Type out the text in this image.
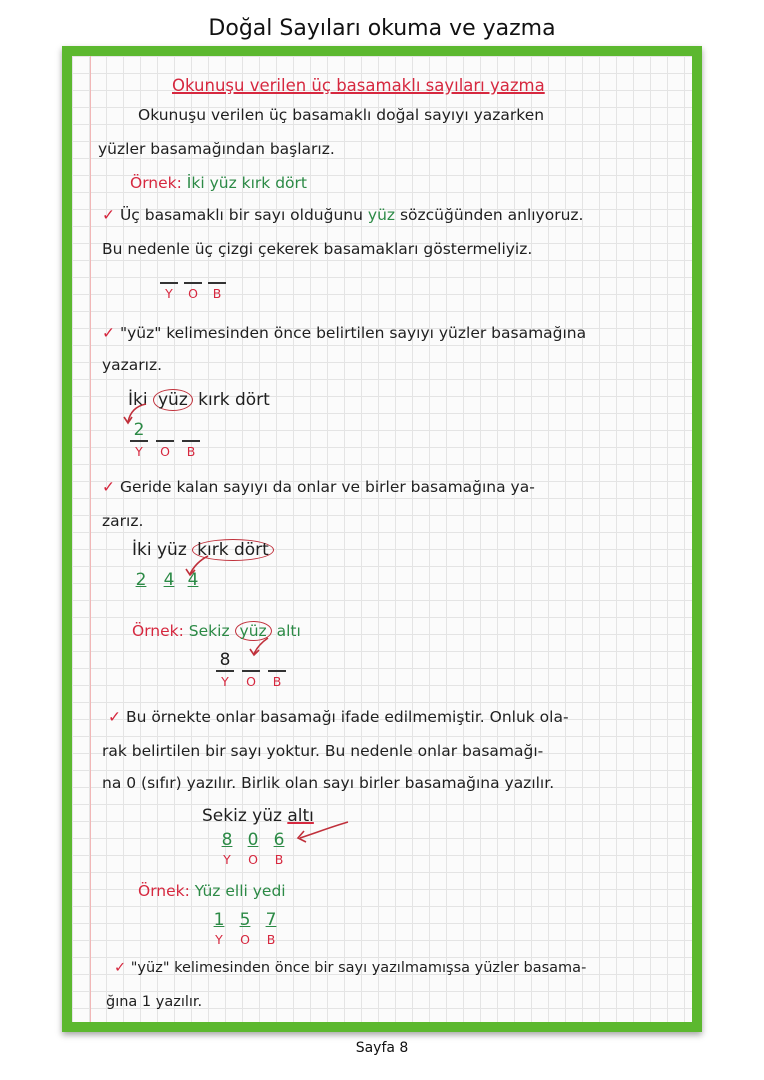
Doğal Sayıları okuma ve yazma
Okunuşu verilen üç basamaklı sayıları yazma
Okunuşu verilen üç basamaklı doğal sayıyı yazarken
yüzler basamağından başlarız.
Örnek: İki yüz kırk dört
✓ Üç basamaklı bir sayı olduğunu yüz sözcüğünden anlıyoruz.
Bu nedenle üç çizgi çekerek basamakları göstermeliyiz.
Y	O	B
✓ "yüz" kelimesinden önce belirtilen sayıyı yüzler basamağına
yazarız.
İki yüz kırk dört
2
Y	O	B
✓ Geride kalan sayıyı da onlar ve birler basamağına ya-
zarız.
İki yüz kırk dört
2 4 4
Örnek: Sekiz yüz altı
8
Y	O	B
✓ Bu örnekte onlar basamağı ifade edilmemiştir. Onluk ola-
rak belirtilen bir sayı yoktur. Bu nedenle onlar basamağı-
na 0 (sıfır) yazılır. Birlik olan sayı birler basamağına yazılır.
Sekiz yüz altı
8 0 6
Y	O	B
Örnek: Yüz elli yedi
1 5 7
Y	O	B
✓ "yüz" kelimesinden önce bir sayı yazılmamışsa yüzler basama-
ğına 1 yazılır.
Sayfa 8
